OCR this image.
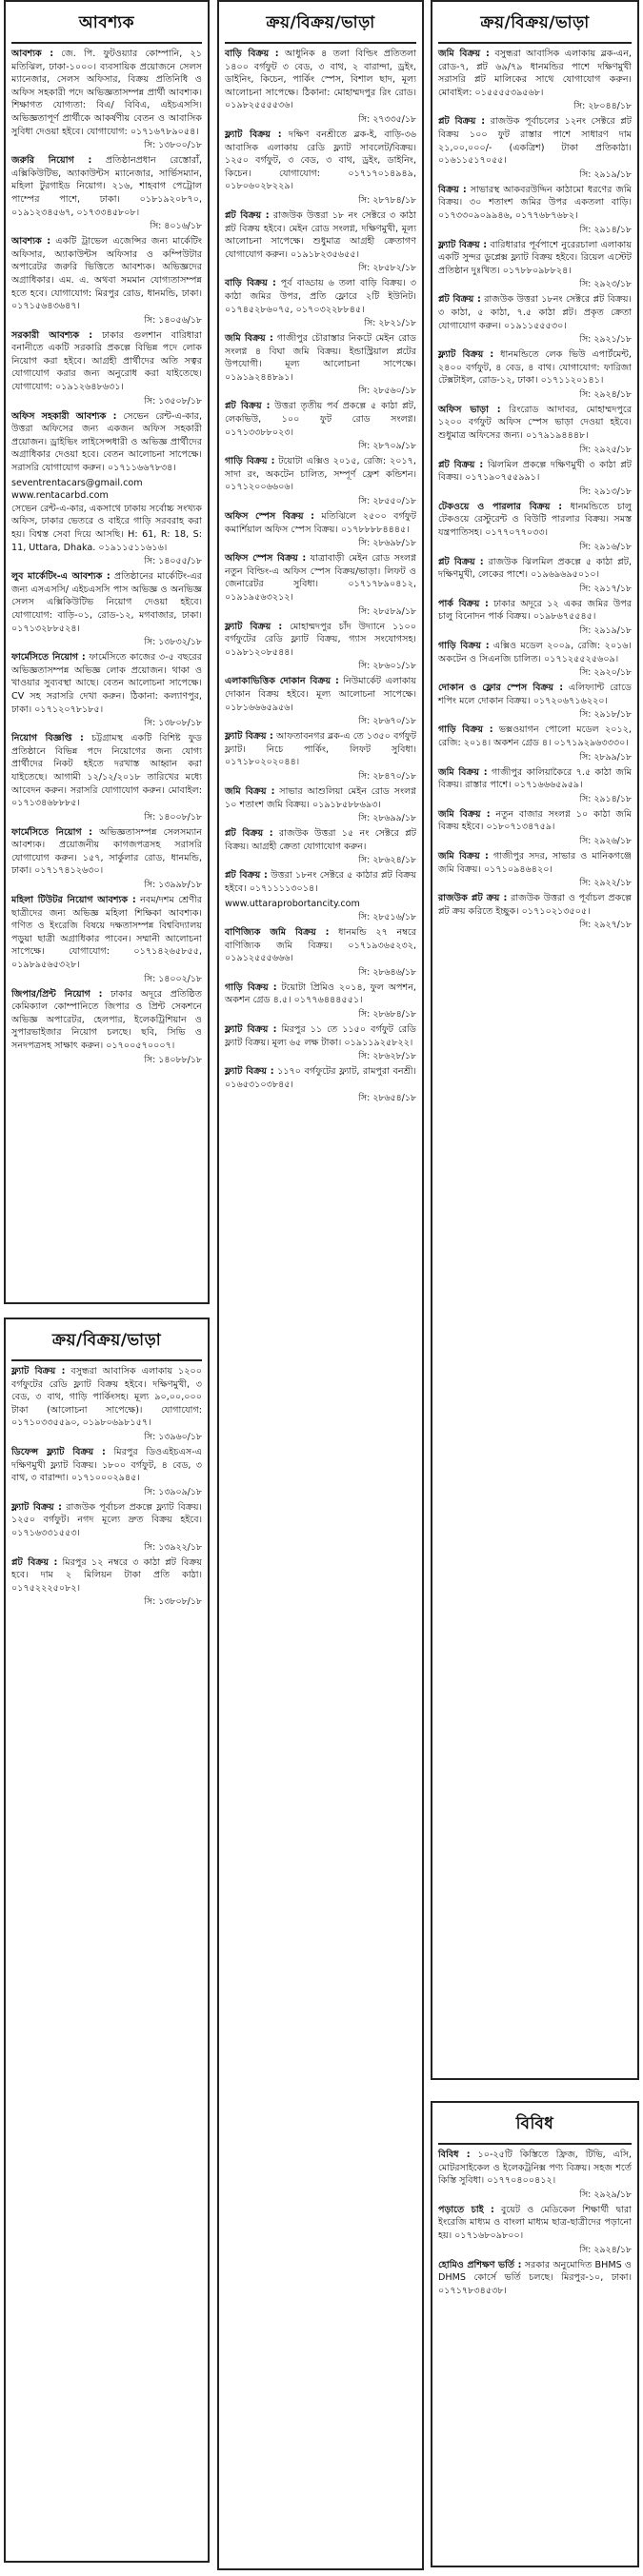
আবশ্যক
আবশ্যক : জে. পি. ফুটওয়্যার কোম্পানি, ২১ মতিঝিল, ঢাকা-১০০০। ব্যবসায়িক প্রয়োজনে সেলস ম্যানেজার, সেলস অফিসার, বিক্রয় প্রতিনিধি ও অফিস সহকারী পদে অভিজ্ঞতাসম্পন্ন প্রার্থী আবশ্যক। শিক্ষাগত যোগ্যতা: বিএ/ বিবিএ, এইচএসসি। অভিজ্ঞতাপূর্ণ প্রার্থীকে আকর্ষণীয় বেতন ও আবাসিক সুবিধা দেওয়া হইবে। যোগাযোগ: ০১৭১৬৭৮৯০৫৪।
সি: ১৩৮০০/১৮
জরুরি নিয়োগ : প্রতিষ্ঠানপ্রধান রেস্তোরাঁ, এক্সিকিউটিভ, অ্যাকাউন্টস ম্যানেজার, সার্ভিসম্যান, মহিলা টুরগাইড নিয়োগ। ২১৬, শাহবাগ পেট্রোল পাম্পের পাশে, ঢাকা। ০১৮১৯২০৮৭০, ০১৯১২৩৪৫৬৭, ০১৭৩৩৪৫৮০৮।
সি: ৪০১৬/১৮
আবশ্যক : একটি ট্রাভেল এজেন্সির জন্য মার্কেটিং অফিসার, অ্যাকাউন্টস অফিসার ও কম্পিউটার অপারেটর জরুরি ভিত্তিতে আবশ্যক। অভিজ্ঞদের অগ্রাধিকার। এম. এ. অথবা সমমান যোগ্যতাসম্পন্ন হতে হবে। যোগাযোগ: মিরপুর রোড, ধানমন্ডি, ঢাকা। ০১৭১৫৬৪৩৬৪৭।
সি: ১৪০৫৬/১৮
সরকারী আবশ্যক : ঢাকার গুলশান বারিধারা বনানীতে একটি সরকারি প্রকল্পে বিভিন্ন পদে লোক নিয়োগ করা হইবে। আগ্রহী প্রার্থীদের অতি সত্বর যোগাযোগ করার জন্য অনুরোধ করা যাইতেছে। যোগাযোগ: ০১৯১২৬৪৮৬৩১।
সি: ১৩৫০৮/১৮
অফিস সহকারী আবশ্যক : সেভেন রেন্ট-এ-কার, উত্তরা অফিসের জন্য একজন অফিস সহকারী প্রয়োজন। ড্রাইভিং লাইসেন্সধারী ও অভিজ্ঞ প্রার্থীদের অগ্রাধিকার দেওয়া হবে। বেতন আলোচনা সাপেক্ষে। সরাসরি যোগাযোগ করুন। ০১৭১১৬৬৭৮৩৪।
seventrentacars@gmail.com
www.rentacarbd.com
সেভেন রেন্ট-এ-কার, একসাথে ঢাকায় সর্বোচ্চ সংখ্যক অফিস, ঢাকার ভেতরে ও বাইরে গাড়ি সরবরাহ করা হয়। বিশ্বস্ত সেবা দিয়ে আসছি। H: 61, R: 18, S: 11, Uttara, Dhaka. ০১৯১১৫১১৬১৬।
সি: ১৪০৫৫/১৮
লুব মার্কেটিং-এ আবশ্যক : প্রতিষ্ঠানের মার্কেটিং-এর জন্য এসএসসি/ এইচএসসি পাস অভিজ্ঞ ও অনভিজ্ঞ সেলস এক্সিকিউটিভ নিয়োগ দেওয়া হইবে। যোগাযোগ: বাড়ি-০১, রোড-১২, মগবাজার, ঢাকা। ০১৭১৩২৮৮৫২৪।
সি: ১৩৮৩২/১৮
ফার্মেসিতে নিয়োগ : ফার্মেসিতে কাজের ৩-৫ বছরের অভিজ্ঞতাসম্পন্ন অভিজ্ঞ লোক প্রয়োজন। থাকা ও খাওয়ার সুব্যবস্থা আছে। বেতন আলোচনা সাপেক্ষে। CV সহ সরাসরি দেখা করুন। ঠিকানা: কল্যাণপুর, ঢাকা। ০১৭১২০৭৮১৮৫।
সি: ১৩৮০৮/১৮
নিয়োগ বিজ্ঞপ্তি : চট্টগ্রামস্থ একটি বিশিষ্ট ফুড প্রতিষ্ঠানে বিভিন্ন পদে নিয়োগের জন্য যোগ্য প্রার্থীদের নিকট হইতে দরখাস্ত আহ্বান করা যাইতেছে। আগামী ১২/১২/২০১৮ তারিখের মধ্যে আবেদন করুন। সরাসরি যোগাযোগ করুন। মোবাইল: ০১৭১৩৪৬৮৮৮৫।
সি: ১৪০০৮/১৮
ফার্মেসিতে নিয়োগ : অভিজ্ঞতাসম্পন্ন সেলসম্যান আবশ্যক। প্রয়োজনীয় কাগজপত্রসহ সরাসরি যোগাযোগ করুন। ১৫৭, সার্কুলার রোড, ধানমন্ডি, ঢাকা। ০১৭১৭৪১২৬৩০।
সি: ১৩৯৯৮/১৮
মহিলা টিউটর নিয়োগ আবশ্যক : নবম/দশম শ্রেণীর ছাত্রীদের জন্য অভিজ্ঞ মহিলা শিক্ষিকা আবশ্যক। গণিত ও ইংরেজি বিষয়ে দক্ষতাসম্পন্ন বিশ্ববিদ্যালয় পড়ুয়া ছাত্রী অগ্রাধিকার পাবেন। সম্মানী আলোচনা সাপেক্ষে। যোগাযোগ: ০১৭১৪২৬৫৮৫৫, ০১৯৮৯৫৬৫৩২৮।
সি: ১৪০০২/১৮
জিপার/প্রিন্ট নিয়োগ : ঢাকার অদূরে প্রতিষ্ঠিত কেমিক্যাল কোম্পানিতে জিপার ও প্রিন্ট সেকশনে অভিজ্ঞ অপারেটর, হেলপার, ইলেকট্রিশিয়ান ও সুপারভাইজার নিয়োগ চলছে। ছবি, সিভি ও সনদপত্রসহ সাক্ষাৎ করুন। ০১৭০০৫৭০০০৭।
সি: ১৪০৮৮/১৮
ক্রয়/বিক্রয়/ভাড়া
ফ্ল্যাট বিক্রয় : বসুন্ধরা আবাসিক এলাকায় ১২০০ বর্গফুটের রেডি ফ্ল্যাট বিক্রয় হইবে। দক্ষিণমুখী, ৩ বেড, ৩ বাথ, গাড়ি পার্কিংসহ। মূল্য ৯০,০০,০০০ টাকা (আলোচনা সাপেক্ষে)। যোগাযোগ: ০১৭১০৩৩৫৫৯০, ০১৯৮০৬৯৮১৫৭।
সি: ১৩৯৬০/১৮
ডিফেন্স ফ্ল্যাট বিক্রয় : মিরপুর ডিওএইচএস-এ দক্ষিণমুখী ফ্ল্যাট বিক্রয়। ১৮০০ বর্গফুট, ৪ বেড, ৩ বাথ, ৩ বারান্দা। ০১৭১০০০২৯৪৫।
সি: ১৩৯০৯/১৮
ফ্ল্যাট বিক্রয় : রাজউক পূর্বাচল প্রকল্পে ফ্ল্যাট বিক্রয়। ১২৫০ বর্গফুট। নগদ মূল্যে দ্রুত বিক্রয় হইবে। ০১৭১৬৩৩১৫৫৩।
সি: ১৩৯২২/১৮
প্লট বিক্রয় : মিরপুর ১২ নম্বরে ৩ কাঠা প্লট বিক্রয় হবে। দাম ২ মিলিয়ন টাকা প্রতি কাঠা। ০১৭৫২২২৫০৮২।
সি: ১৩৮০৮/১৮
ক্রয়/বিক্রয়/ভাড়া
বাড়ি বিক্রয় : আধুনিক ৪ তলা বিল্ডিং প্রতিতলা ১৪০০ বর্গফুট ৩ বেড, ৩ বাথ, ২ বারান্দা, ড্রইং, ডাইনিং, কিচেন, পার্কিং স্পেস, বিশাল ছাদ, মূল্য আলোচনা সাপেক্ষে। ঠিকানা: মোহাম্মদপুর রিং রোড। ০১৯৮২৫৫৫৫৩৬।
সি: ২৭৩৩৫/১৮
ফ্ল্যাট বিক্রয় : দক্ষিণ বনশ্রীতে ব্লক-ই, বাড়ি-৩৬ আবাসিক এলাকায় রেডি ফ্ল্যাট সাবলেট/বিক্রয়। ১২৫০ বর্গফুট, ৩ বেড, ৩ বাথ, ড্রইং, ডাইনিং, কিচেন। যোগাযোগ: ০১৭১৭০১৪৯৪৯, ০১৮০৬০২৮২২৯।
সি: ২৮৭৮৪/১৮
প্লট বিক্রয় : রাজউক উত্তরা ১৮ নং সেক্টরে ৩ কাঠা প্লট বিক্রয় হইবে। মেইন রোড সংলগ্ন, দক্ষিণমুখী, মূল্য আলোচনা সাপেক্ষে। শুধুমাত্র আগ্রহী ক্রেতাগণ যোগাযোগ করুন। ০১৯১৮২৩৫৬৫৫।
সি: ২৮৫৮২/১৮
বাড়ি বিক্রয় : পূর্ব বাড্ডায় ৬ তলা বাড়ি বিক্রয়। ৩ কাঠা জমির উপর, প্রতি ফ্লোরে ২টি ইউনিট। ০১৭৪৫২৮৬০৭৫, ০১৭০৩২২৮৮৪৫।
সি: ২৮২১/১৮
জমি বিক্রয় : গাজীপুর চৌরাস্তার নিকটে মেইন রোড সংলগ্ন ৪ বিঘা জমি বিক্রয়। ইন্ডাস্ট্রিয়াল প্লটের উপযোগী। মূল্য আলোচনা সাপেক্ষে। ০১৯১৯২৪৪৮৯১।
সি: ২৮৫৬০/১৮
প্লট বিক্রয় : উত্তরা তৃতীয় পর্ব প্রকল্পে ৫ কাঠা প্লট, লেকভিউ, ১০০ ফুট রোড সংলগ্ন। ০১৭১৩৩৮৮০২৩।
সি: ২৮৭০৯/১৮
গাড়ি বিক্রয় : টয়োটা এক্সিও ২০১৫, রেজি: ২০১৭, সাদা রং, অকটেন চালিত, সম্পূর্ণ ফ্রেশ কন্ডিশন। ০১৭১২০০৬৬০৬।
সি: ২৮৫৫০/১৮
অফিস স্পেস বিক্রয় : মতিঝিলে ২৫০০ বর্গফুট কমার্শিয়াল অফিস স্পেস বিক্রয়। ০১৭৮৮৮৮৪৪৪৫।
সি: ২৮৬৯৮/১৮
অফিস স্পেস বিক্রয় : যাত্রাবাড়ী মেইন রোড সংলগ্ন নতুন বিল্ডিং-এ অফিস স্পেস বিক্রয়/ভাড়া। লিফট ও জেনারেটর সুবিধা। ০১৭১৭৮৯০৪১২, ০১৯১৯৫৬৩২১২।
সি: ২৮৫৮৯/১৮
ফ্ল্যাট বিক্রয় : মোহাম্মদপুর চাঁদ উদ্যানে ১১০০ বর্গফুটের রেডি ফ্ল্যাট বিক্রয়, গ্যাস সংযোগসহ। ০১৯৮১২০৮৫৪৪।
সি: ২৮৬০১/১৮
এলাকাভিত্তিক দোকান বিক্রয় : নিউমার্কেট এলাকায় দোকান বিক্রয় হইবে। মূল্য আলোচনা সাপেক্ষে। ০১৮১৬৬৬৫৯৫৬।
সি: ২৮৬৭০/১৮
ফ্ল্যাট বিক্রয় : আফতাবনগর ব্লক-এ তে ১৩৫০ বর্গফুট ফ্ল্যাট। নিচে পার্কিং, লিফট সুবিধা। ০১৭১৮০২০২০৪৪।
সি: ২৮৪৭০/১৮
জমি বিক্রয় : সাভার আশুলিয়া মেইন রোড সংলগ্ন ১০ শতাংশ জমি বিক্রয়। ০১৯১৮৫৮৮৬৯৩।
সি: ২৮৬৯৯/১৮
প্লট বিক্রয় : রাজউক উত্তরা ১৫ নং সেক্টরে প্লট বিক্রয়। আগ্রহী ক্রেতা যোগাযোগ করুন।
সি: ২৮৬২৪/১৮
প্লট বিক্রয় : উত্তরা ১৮নং সেক্টরে ৫ কাঠার প্লট বিক্রয় হইবে। ০১৭১১১১৩০১৪।
www.uttaraprobortancity.com
সি: ২৮৫১৬/১৮
বাণিজ্যিক জমি বিক্রয় : ধানমন্ডি ২৭ নম্বরে বাণিজ্যিক জমি বিক্রয়। ০১৭১৯৩৬৫২৩২, ০১৯১২৫৫৫৬৬৬।
সি: ২৮৬৪৬/১৮
গাড়ি বিক্রয় : টয়োটা প্রিমিও ২০১৪, ফুল অপশন, অকশন গ্রেড ৪.৫। ০১৭৭৬৪৪৪৫৫১।
সি: ২৮৬৮৪/১৮
ফ্ল্যাট বিক্রয় : মিরপুর ১১ তে ১১৫০ বর্গফুট রেডি ফ্ল্যাট বিক্রয়। মূল্য ৬৫ লক্ষ টাকা। ০১৯১১৯২৫৮২২।
সি: ২৮৬২৮/১৮
ফ্ল্যাট বিক্রয় : ১১৭০ বর্গফুটের ফ্ল্যাট, রামপুরা বনশ্রী। ০১৬৫৩১০৩৮৪৫।
সি: ২৮৬৫৪/১৮
ক্রয়/বিক্রয়/ভাড়া
জমি বিক্রয় : বসুন্ধরা আবাসিক এলাকায় ব্লক-এন, রোড-৭, প্লট ৬৯/৭৯ ধানমন্ডির পাশে দক্ষিণমুখী সরাসরি প্লট মালিকের সাথে যোগাযোগ করুন। মোবাইল: ০১৫৫৫৫৩৯৫৬৮।
সি: ২৮০৪৪/১৮
প্লট বিক্রয় : রাজউক পূর্বাচলের ১২নং সেক্টরে প্লট বিক্রয় ১০০ ফুট রাস্তার পাশে সাধারণ দাম ২১,০০,০০০/- (একত্রিশ) টাকা প্রতিকাঠা। ০১৬১১৫১৭০৫৫।
সি: ২৯১৯/১৮
বিক্রয় : সাভারস্থ আকবরউদ্দিন কাঠামো ধরণের জমি বিক্রয়। ৩০ শতাংশ জমির উপর একতলা বাড়ি। ০১৭৩৩০৯০৯৯৪৬, ০১৭৭৬৮৭৬৮২।
সি: ২৯১৪/১৮
ফ্ল্যাট বিক্রয় : বারিধারার পূর্বপাশে নুরেরচালা এলাকায় একটি সুন্দর ডুপ্লেক্স ফ্ল্যাট বিক্রয় হইবে। রিয়েল এস্টেট প্রতিষ্ঠান দুঃখিত। ০১৭৮৮০৯৮৮২৪।
সি: ২৯২৩/১৮
প্লট বিক্রয় : রাজউক উত্তরা ১৮নং সেক্টরে প্লট বিক্রয়। ৩ কাঠা, ৫ কাঠা, ৭.৫ কাঠা প্লট। প্রকৃত ক্রেতা যোগাযোগ করুন। ০১৯১১৫৫৫৩০।
সি: ২৯২১/১৮
ফ্ল্যাট বিক্রয় : ধানমন্ডিতে লেক ভিউ এপার্টমেন্ট, ২৪০০ বর্গফুট, ৪ বেড, ৪ বাথ। যোগাযোগ: ফারিজা টেক্সটাইল, রোড-১২, ঢাকা। ০১৭১১২০১৪১।
সি: ২৯২৪/১৮
অফিস ভাড়া : রিংরোড আদাবর, মোহাম্মদপুরে ১২০০ বর্গফুট অফিস স্পেস ভাড়া দেওয়া হইবে। শুধুমাত্র অফিসের জন্য। ০১৭৯১৯৪৪৪৮।
সি: ২৯২৫/১৮
প্লট বিক্রয় : ঝিলমিল প্রকল্পে দক্ষিণমুখী ৩ কাঠা প্লট বিক্রয়। ০১৭১৯০৭৫৫৯৯১।
সি: ২৯১৩/১৮
টেকওয়ে ও পারলার বিক্রয় : ধানমন্ডিতে চালু টেকওয়ে রেস্টুরেন্ট ও বিউটি পারলার বিক্রয়। সমস্ত যন্ত্রপাতিসহ। ০১৭৭০৭৭০৩৩।
সি: ২৯১৬/১৮
প্লট বিক্রয় : রাজউক ঝিলমিল প্রকল্পে ৫ কাঠা প্লট, দক্ষিণমুখী, লেকের পাশে। ০১৯৬৯৬৯৫০১০।
সি: ২৯১৭/১৮
পার্ক বিক্রয় : ঢাকার অদূরে ১২ একর জমির উপর চালু বিনোদন পার্ক বিক্রয়। ০১৯৮৬৭৫৫৪৫।
সি: ২৯১৯/১৮
গাড়ি বিক্রয় : এক্সিও মডেল ২০০৯, রেজি: ২০১৬। অকটেন ও সিএনজি চালিত। ০১৭১২৫৫২৫৬০৯।
সি: ২৯২০/১৮
দোকান ও ফ্লোর স্পেস বিক্রয় : এলিফ্যান্ট রোডে শপিং মলে দোকান বিক্রয়। ০১৭২০৬৭১৬২২০।
সি: ২৯১৮/১৮
গাড়ি বিক্রয় : ভক্সওয়াগন পোলো মডেল ২০১২, রেজি: ২০১৪। অকশন গ্রেড ৪। ০১৭১৯২৯৬৩৩৩০।
সি: ২৮৯৯/১৮
জমি বিক্রয় : গাজীপুর কালিয়াকৈরে ৭.৫ কাঠা জমি বিক্রয়। রাস্তার পাশে। ০১৭১৬৬৬৫৯৫৯।
সি: ২৯১৪/১৮
জমি বিক্রয় : নতুন বাজার সংলগ্ন ১০ কাঠা জমি বিক্রয় হইবে। ০১৮০৭১৩৪৭৫৯।
সি: ২৯২৬/১৮
জমি বিক্রয় : গাজীপুর সদর, সাভার ও মানিকগঞ্জে জমি বিক্রয়। ০১৭১০৯৪৬৪২০।
সি: ২৯২২/১৮
রাজউক প্লট ক্রয় : রাজউক উত্তরা ও পূর্বাচল প্রকল্পে প্লট ক্রয় করিতে ইচ্ছুক। ০১৭১০২১৩৫০৫।
সি: ২৯২৭/১৮
বিবিধ
বিবিধ : ১০-২৫টি কিস্তিতে ফ্রিজ, টিভি, এসি, মোটরসাইকেল ও ইলেকট্রনিক্স পণ্য বিক্রয়। সহজ শর্তে কিস্তি সুবিধা। ০১৭৭০৪০০৪১২।
সি: ২৯২৯/১৮
পড়াতে চাই : বুয়েট ও মেডিকেল শিক্ষার্থী দ্বারা ইংরেজি মাধ্যম ও বাংলা মাধ্যম ছাত্র-ছাত্রীদের পড়ানো হয়। ০১৭১৬৮০৯৮০০।
সি: ২৯২৪/১৮
হোমিও প্রশিক্ষণ ভর্তি : সরকার অনুমোদিত BHMS ও DHMS কোর্সে ভর্তি চলছে। মিরপুর-১০, ঢাকা। ০১৭১৭৮৩৪৫৩৮।
